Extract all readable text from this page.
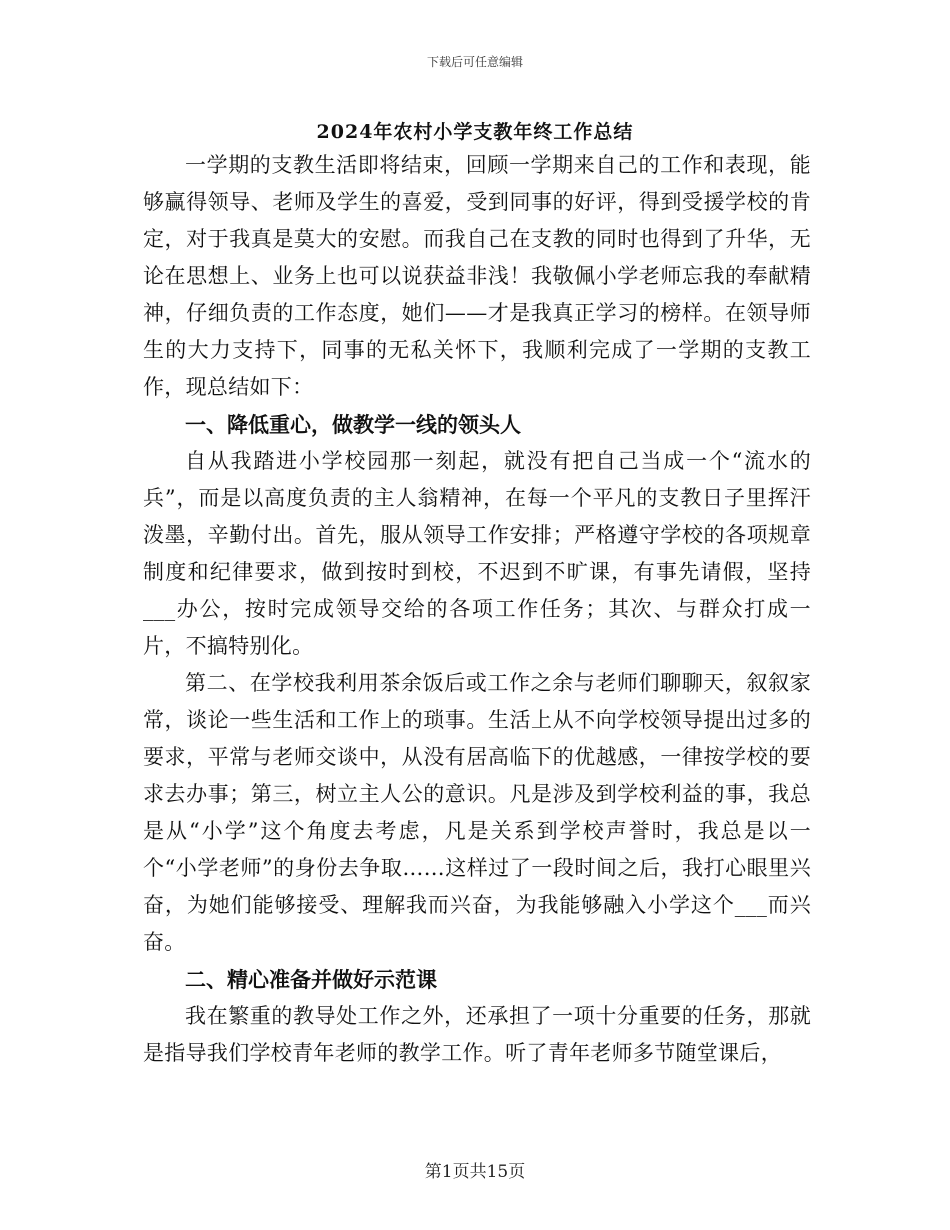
下载后可任意编辑
2024年农村小学支教年终工作总结

一学期的支教生活即将结束，回顾一学期来自己的工作和表现，能够赢得领导、老师及学生的喜爱，受到同事的好评，得到受援学校的肯定，对于我真是莫大的安慰。而我自己在支教的同时也得到了升华，无论在思想上、业务上也可以说获益非浅！我敬佩小学老师忘我的奉献精神，仔细负责的工作态度，她们——才是我真正学习的榜样。在领导师生的大力支持下，同事的无私关怀下，我顺利完成了一学期的支教工作，现总结如下：

一、降低重心，做教学一线的领头人

自从我踏进小学校园那一刻起，就没有把自己当成一个“流水的兵”，而是以高度负责的主人翁精神，在每一个平凡的支教日子里挥汗泼墨，辛勤付出。首先，服从领导工作安排；严格遵守学校的各项规章制度和纪律要求，做到按时到校，不迟到不旷课，有事先请假，坚持___办公，按时完成领导交给的各项工作任务；其次、与群众打成一片，不搞特别化。

第二、在学校我利用茶余饭后或工作之余与老师们聊聊天，叙叙家常，谈论一些生活和工作上的琐事。生活上从不向学校领导提出过多的要求，平常与老师交谈中，从没有居高临下的优越感，一律按学校的要求去办事；第三，树立主人公的意识。凡是涉及到学校利益的事，我总是从“小学”这个角度去考虑，凡是关系到学校声誉时，我总是以一个“小学老师”的身份去争取……这样过了一段时间之后，我打心眼里兴奋，为她们能够接受、理解我而兴奋，为我能够融入小学这个___而兴奋。

二、精心准备并做好示范课

我在繁重的教导处工作之外，还承担了一项十分重要的任务，那就是指导我们学校青年老师的教学工作。听了青年老师多节随堂课后，

第1页共15页
